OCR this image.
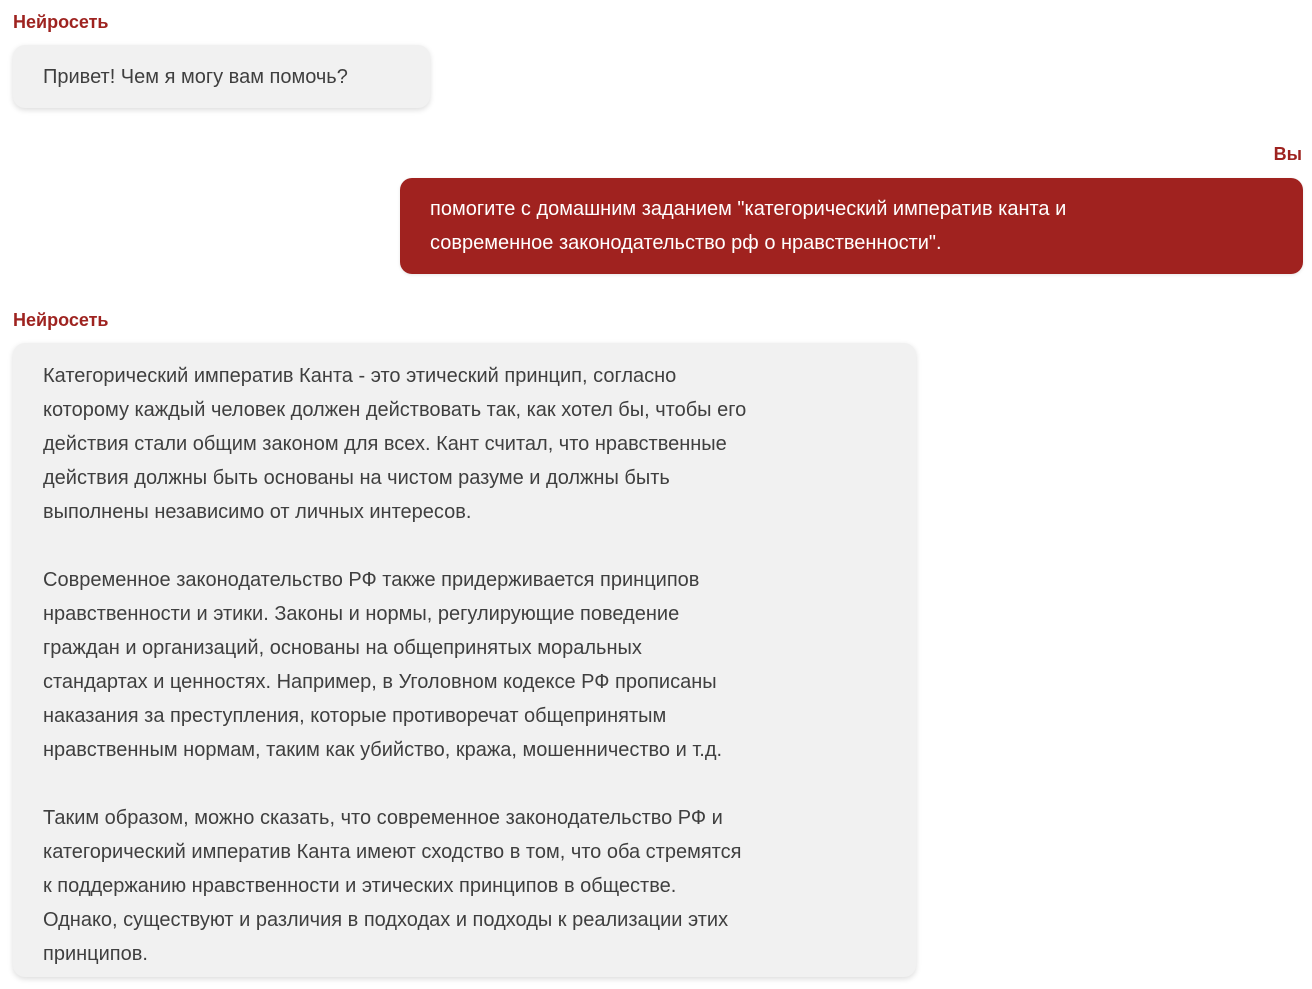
Нейросеть

Привет! Чем я могу вам помочь?

Вы

помогите с домашним заданием "категорический императив канта и
современное законодательство рф о нравственности".

Нейросеть

Категорический императив Канта - это этический принцип, согласно
которому каждый человек должен действовать так, как хотел бы, чтобы его
действия стали общим законом для всех. Кант считал, что нравственные
действия должны быть основаны на чистом разуме и должны быть
выполнены независимо от личных интересов.

Современное законодательство РФ также придерживается принципов
нравственности и этики. Законы и нормы, регулирующие поведение
граждан и организаций, основаны на общепринятых моральных
стандартах и ценностях. Например, в Уголовном кодексе РФ прописаны
наказания за преступления, которые противоречат общепринятым
нравственным нормам, таким как убийство, кража, мошенничество и т.д.

Таким образом, можно сказать, что современное законодательство РФ и
категорический императив Канта имеют сходство в том, что оба стремятся
к поддержанию нравственности и этических принципов в обществе.
Однако, существуют и различия в подходах и подходы к реализации этих
принципов.
